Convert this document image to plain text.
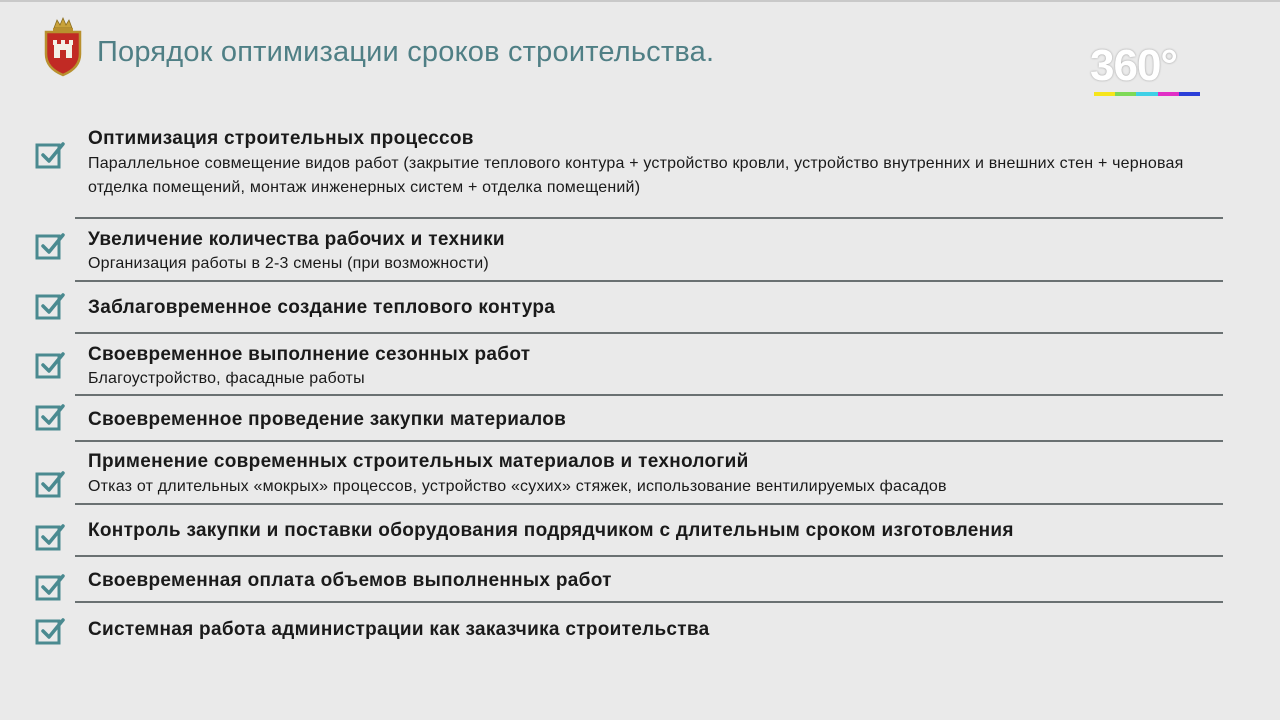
Порядок оптимизации сроков строительства.	360°
Оптимизация строительных процессов
Параллельное совмещение видов работ (закрытие теплового контура + устройство кровли, устройство внутренних и внешних стен + черновая отделка помещений, монтаж инженерных систем + отделка помещений)
Увеличение количества рабочих и техники
Организация работы в 2-3 смены (при возможности)
Заблаговременное создание теплового контура
Своевременное выполнение сезонных работ
Благоустройство, фасадные работы
Своевременное проведение закупки материалов
Применение современных строительных материалов и технологий
Отказ от длительных «мокрых» процессов, устройство «сухих» стяжек, использование вентилируемых фасадов
Контроль закупки и поставки оборудования подрядчиком с длительным сроком изготовления
Своевременная оплата объемов выполненных работ
Системная работа администрации как заказчика строительства
